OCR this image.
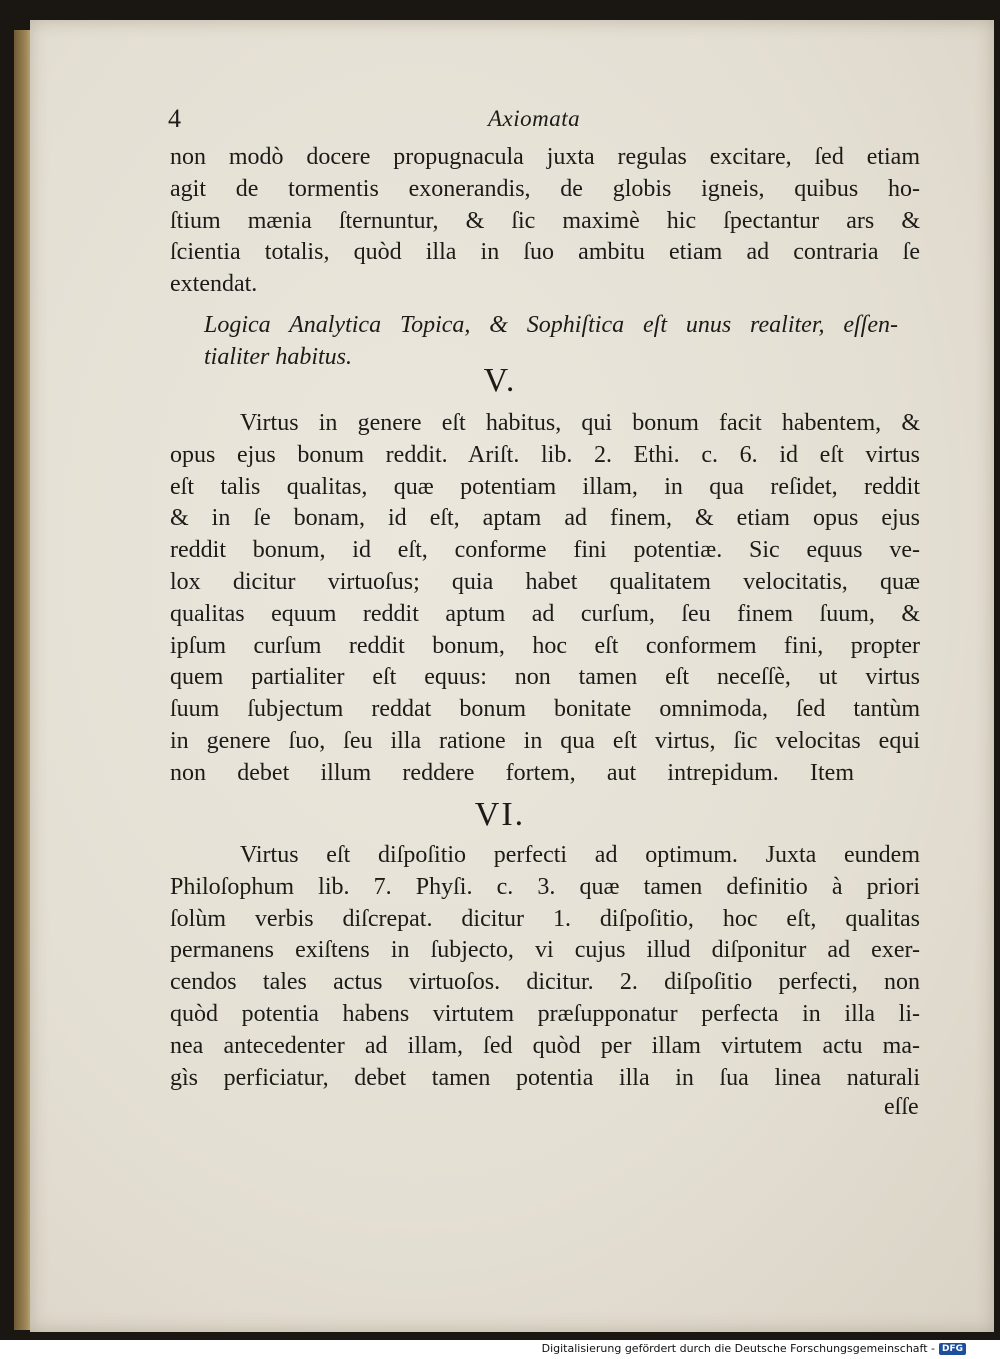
4	Axiomata
non modò docere propugnacula juxta regulas excitare, ſed etiam
agit de tormentis exonerandis, de globis igneis, quibus ho-
ſtium mænia ſternuntur, & ſic maximè hic ſpectantur ars &
ſcientia totalis, quòd illa in ſuo ambitu etiam ad contraria ſe
extendat.
Logica Analytica Topica, & Sophiſtica eſt unus realiter, eſſen-
tialiter habitus.
V.
Virtus in genere eſt habitus, qui bonum facit habentem, &
opus ejus bonum reddit. Ariſt. lib. 2. Ethi. c. 6. id eſt virtus
eſt talis qualitas, quæ potentiam illam, in qua reſidet, reddit
& in ſe bonam, id eſt, aptam ad finem, & etiam opus ejus
reddit bonum, id eſt, conforme fini potentiæ. Sic equus ve-
lox dicitur virtuoſus; quia habet qualitatem velocitatis, quæ
qualitas equum reddit aptum ad curſum, ſeu finem ſuum, &
ipſum curſum reddit bonum, hoc eſt conformem fini, propter
quem partialiter eſt equus: non tamen eſt neceſſè, ut virtus
ſuum ſubjectum reddat bonum bonitate omnimoda, ſed tantùm
in genere ſuo, ſeu illa ratione in qua eſt virtus, ſic velocitas equi
non debet illum reddere fortem, aut intrepidum. Item
VI.
Virtus eſt diſpoſitio perfecti ad optimum. Juxta eundem
Philoſophum lib. 7. Phyſi. c. 3. quæ tamen definitio à priori
ſolùm verbis diſcrepat. dicitur 1. diſpoſitio, hoc eſt, qualitas
permanens exiſtens in ſubjecto, vi cujus illud diſponitur ad exer-
cendos tales actus virtuoſos. dicitur. 2. diſpoſitio perfecti, non
quòd potentia habens virtutem præſupponatur perfecta in illa li-
nea antecedenter ad illam, ſed quòd per illam virtutem actu ma-
gìs perficiatur, debet tamen potentia illa in ſua linea naturali
eſſe
Digitalisierung gefördert durch die Deutsche Forschungsgemeinschaft - DFG
